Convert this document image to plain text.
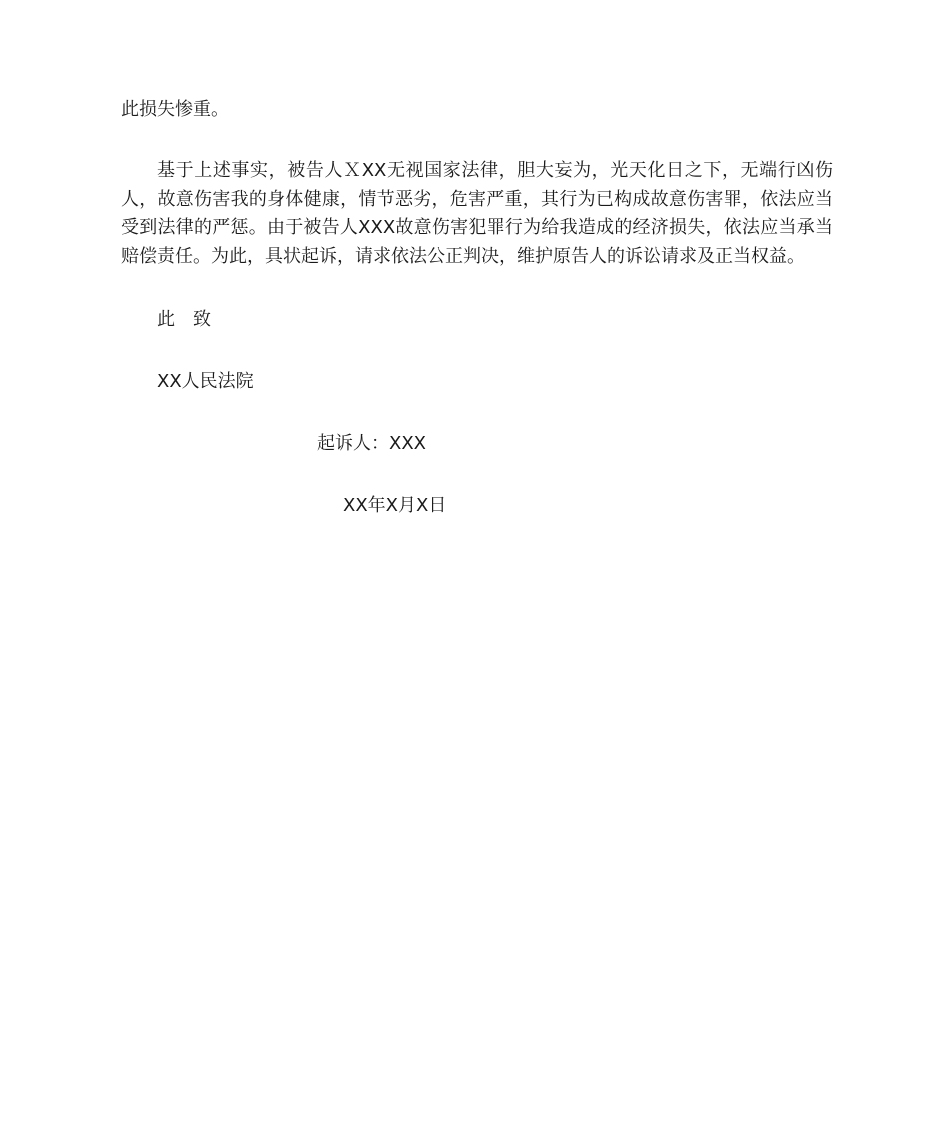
此损失惨重。
基于上述事实，被告人ＸXX无视国家法律，胆大妄为，光天化日之下，无端行凶伤人，故意伤害我的身体健康，情节恶劣，危害严重，其行为已构成故意伤害罪，依法应当受到法律的严惩。由于被告人XXX故意伤害犯罪行为给我造成的经济损失，依法应当承当赔偿责任。为此，具状起诉，请求依法公正判决，维护原告人的诉讼请求及正当权益。
此　致
XX人民法院
起诉人：XXX
XX年X月X日
